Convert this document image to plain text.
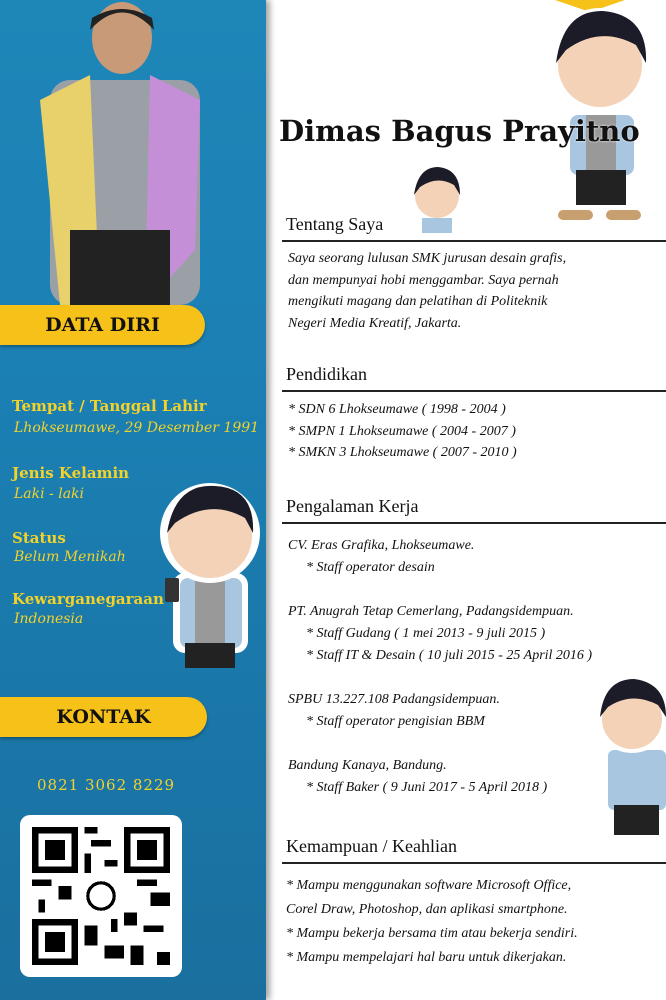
DATA DIRI
Tempat / Tanggal Lahir
Lhokseumawe, 29 Desember 1991
Jenis Kelamin
Laki - laki
Status
Belum Menikah
Kewarganegaraan
Indonesia
KONTAK
0821 3062 8229
Dimas Bagus Prayitno
Tentang Saya
Saya seorang lulusan SMK jurusan desain grafis,
dan mempunyai hobi menggambar. Saya pernah
mengikuti magang dan pelatihan di Politeknik
Negeri Media Kreatif, Jakarta.
Pendidikan
* SDN 6 Lhokseumawe ( 1998 - 2004 )
* SMPN 1 Lhokseumawe ( 2004 - 2007 )
* SMKN 3 Lhokseumawe ( 2007 - 2010 )
Pengalaman Kerja
CV. Eras Grafika, Lhokseumawe.
* Staff operator desain
PT. Anugrah Tetap Cemerlang, Padangsidempuan.
* Staff Gudang ( 1 mei 2013 - 9 juli 2015 )
* Staff IT & Desain ( 10 juli 2015 - 25 April 2016 )
SPBU 13.227.108 Padangsidempuan.
* Staff operator pengisian BBM
Bandung Kanaya, Bandung.
* Staff Baker ( 9 Juni 2017 - 5 April 2018 )
Kemampuan / Keahlian
* Mampu menggunakan software Microsoft Office,
Corel Draw, Photoshop, dan aplikasi smartphone.
* Mampu bekerja bersama tim atau bekerja sendiri.
* Mampu mempelajari hal baru untuk dikerjakan.
